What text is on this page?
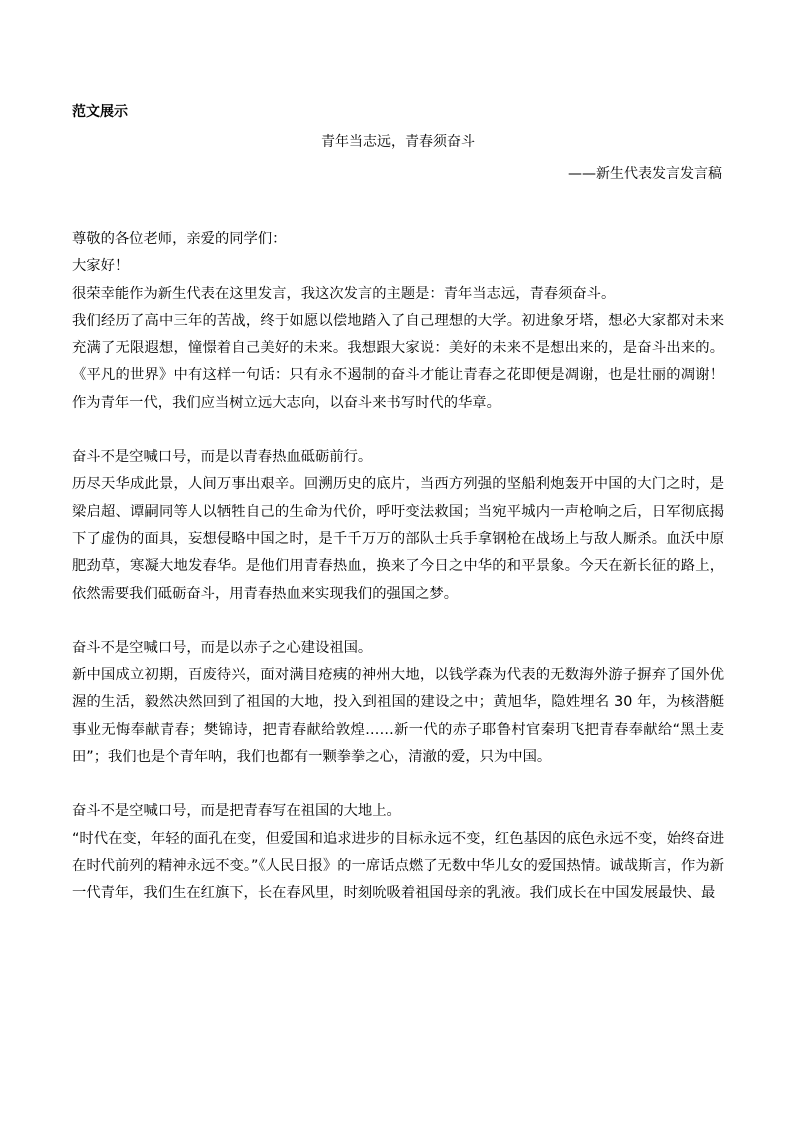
范文展示
青年当志远，青春须奋斗
——新生代表发言发言稿

尊敬的各位老师，亲爱的同学们：

大家好！

很荣幸能作为新生代表在这里发言，我这次发言的主题是：青年当志远，青春须奋斗。

我们经历了高中三年的苦战，终于如愿以偿地踏入了自己理想的大学。初进象牙塔，想必大家都对未来充满了无限遐想，憧憬着自己美好的未来。我想跟大家说：美好的未来不是想出来的，是奋斗出来的。《平凡的世界》中有这样一句话：只有永不遏制的奋斗才能让青春之花即便是凋谢，也是壮丽的凋谢！作为青年一代，我们应当树立远大志向，以奋斗来书写时代的华章。

奋斗不是空喊口号，而是以青春热血砥砺前行。

历尽天华成此景，人间万事出艰辛。回溯历史的底片，当西方列强的坚船利炮轰开中国的大门之时，是梁启超、谭嗣同等人以牺牲自己的生命为代价，呼吁变法救国；当宛平城内一声枪响之后，日军彻底揭下了虚伪的面具，妄想侵略中国之时，是千千万万的部队士兵手拿钢枪在战场上与敌人厮杀。血沃中原肥劲草，寒凝大地发春华。是他们用青春热血，换来了今日之中华的和平景象。今天在新长征的路上，依然需要我们砥砺奋斗，用青春热血来实现我们的强国之梦。

奋斗不是空喊口号，而是以赤子之心建设祖国。

新中国成立初期，百废待兴，面对满目疮痍的神州大地，以钱学森为代表的无数海外游子摒弃了国外优渥的生活，毅然决然回到了祖国的大地，投入到祖国的建设之中；黄旭华，隐姓埋名 30 年，为核潜艇事业无悔奉献青春；樊锦诗，把青春献给敦煌……新一代的赤子耶鲁村官秦玥飞把青春奉献给“黑土麦田”；我们也是个青年呐，我们也都有一颗拳拳之心，清澈的爱，只为中国。

奋斗不是空喊口号，而是把青春写在祖国的大地上。

“时代在变，年轻的面孔在变，但爱国和追求进步的目标永远不变，红色基因的底色永远不变，始终奋进在时代前列的精神永远不变。”《人民日报》的一席话点燃了无数中华儿女的爱国热情。诚哉斯言，作为新一代青年，我们生在红旗下，长在春风里，时刻吮吸着祖国母亲的乳液。我们成长在中国发展最快、最
